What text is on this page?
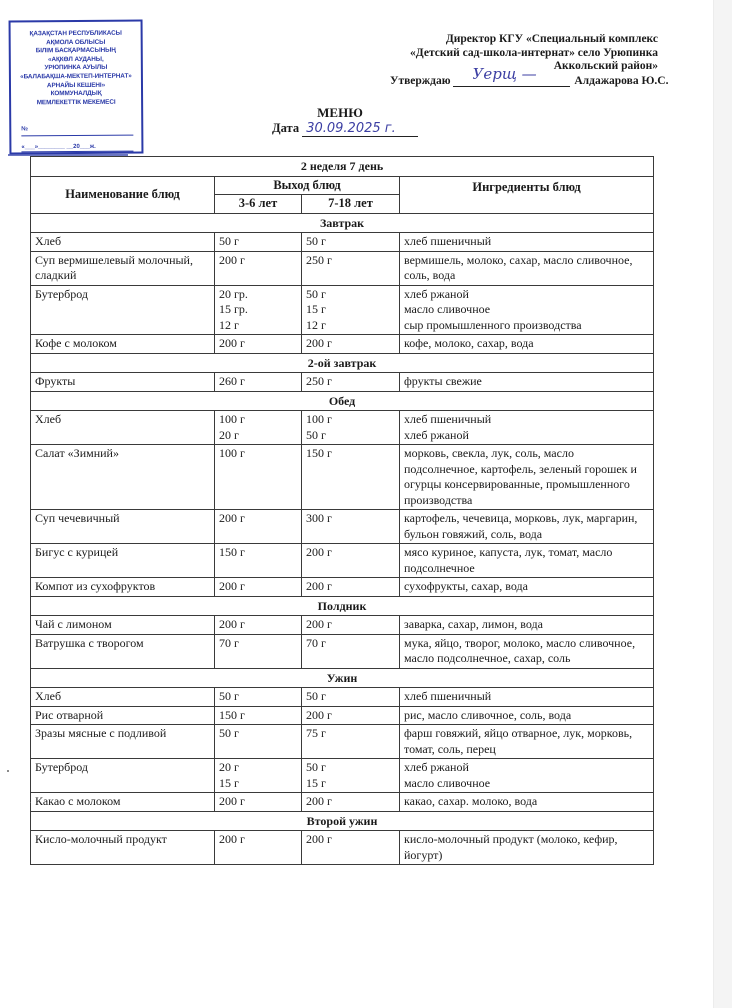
ҚАЗАҚСТАН РЕСПУБЛИКАСЫ
АҚМОЛА ОБЛЫСЫ
БІЛІМ БАСҚАРМАСЫНЫҢ
«АҚКӨЛ АУДАНЫ,
УРЮПИНКА АУЫЛЫ
«БАЛАБАҚША-МЕКТЕП-ИНТЕРНАТ»
АРНАЙЫ КЕШЕНІ»
КОММУНАЛДЫҚ
МЕМЛЕКЕТТІК МЕКЕМЕСІ
№
«___»________ __20___ж.
Директор КГУ «Специальный комплекс
«Детский сад-школа-интернат» село Урюпинка
Аккольский район»
Утверждаю Уерщ —	Алдажарова Ю.С.
МЕНЮ
Дата 30.09.2025 г.
2 неделя 7 день			
Наименование блюд	Выход блюд		Ингредиенты блюд
	3-6 лет	7-18 лет	
Завтрак			
Хлеб	50 г	50 г	хлеб пшеничный

Суп вермишелевый молочный, сладкий	200 г	250 г	вермишель, молоко, сахар, масло сливочное, соль, вода

Бутерброд	20 гр.
15 гр.
12 г	50 г
15 г
12 г	хлеб ржаной
масло сливочное
сыр промышленного производства

Кофе с молоком	200 г	200 г	кофе, молоко, сахар, вода

2-ой завтрак			
Фрукты	260 г	250 г	фрукты свежие

Обед			
Хлеб	100 г
20 г	100 г
50 г	хлеб пшеничный
хлеб ржаной

Салат «Зимний»	100 г	150 г	морковь, свекла, лук, соль, масло подсолнечное, картофель, зеленый горошек и огурцы консервированные, промышленного производства

Суп чечевичный	200 г	300 г	картофель, чечевица, морковь, лук, маргарин, бульон говяжий, соль, вода

Бигус с курицей	150 г	200 г	мясо куриное, капуста, лук, томат, масло подсолнечное

Компот из сухофруктов	200 г	200 г	сухофрукты, сахар, вода

Полдник			
Чай с лимоном	200 г	200 г	заварка, сахар, лимон, вода

Ватрушка с творогом	70 г	70 г	мука, яйцо, творог, молоко, масло сливочное, масло подсолнечное, сахар, соль

Ужин			
Хлеб	50 г	50 г	хлеб пшеничный

Рис отварной	150 г	200 г	рис, масло сливочное, соль, вода

Зразы мясные с подливой	50 г	75 г	фарш говяжий, яйцо отварное, лук, морковь, томат, соль, перец

Бутерброд	20 г
15 г	50 г
15 г	хлеб ржаной
масло сливочное

Какао с молоком	200 г	200 г	какао, сахар. молоко, вода

Второй ужин			
Кисло-молочный продукт	200 г	200 г	кисло-молочный продукт (молоко, кефир, йогурт)
